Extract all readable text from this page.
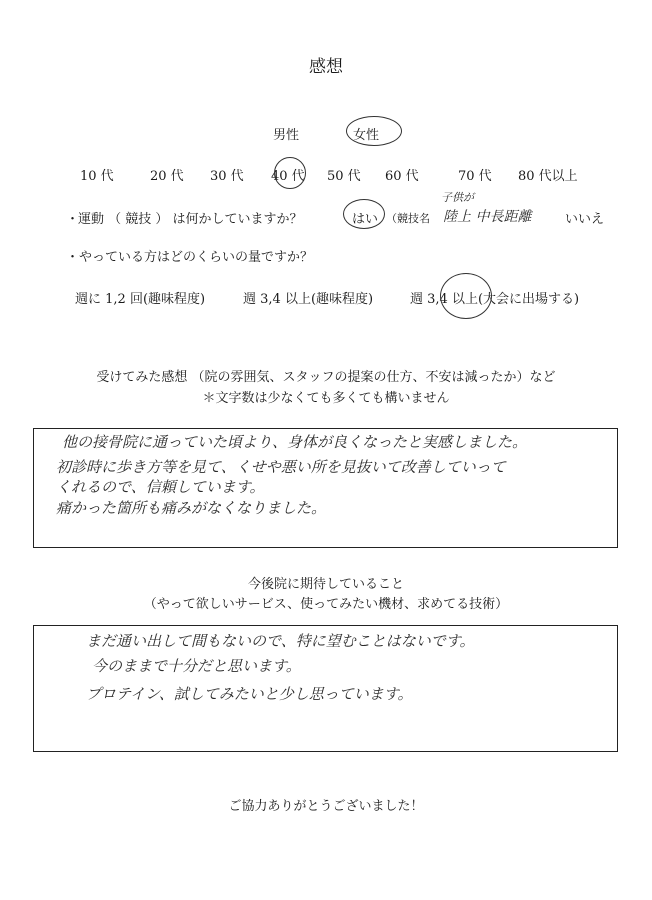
感想
男性	女性
10 代	20 代 30 代 40 代 50 代 60 代	70 代 80 代以上
・
運動 （ 競技 ） は何かしていますか？	はい （競技名
子供が
陸上 中長距離	いいえ
・やっている方はどのくらいの量ですか？
週に 1,2 回(趣味程度)	週 3,4 以上(趣味程度)	週 3,4 以上(大会に出場する)
受けてみた感想 （院の雰囲気、スタッフの提案の仕方、不安は減ったか）など
＊文字数は少なくても多くても構いません
他の接骨院に通っていた頃より、身体が良くなったと実感しました。
初診時に歩き方等を見て、くせや悪い所を見抜いて改善していって
くれるので、信頼しています。
痛かった箇所も痛みがなくなりました。
今後院に期待していること
（やって欲しいサービス、使ってみたい機材、求めてる技術）
まだ通い出して間もないので、特に望むことはないです。
今のままで十分だと思います。
プロテイン、試してみたいと少し思っています。
ご協力ありがとうございました！
